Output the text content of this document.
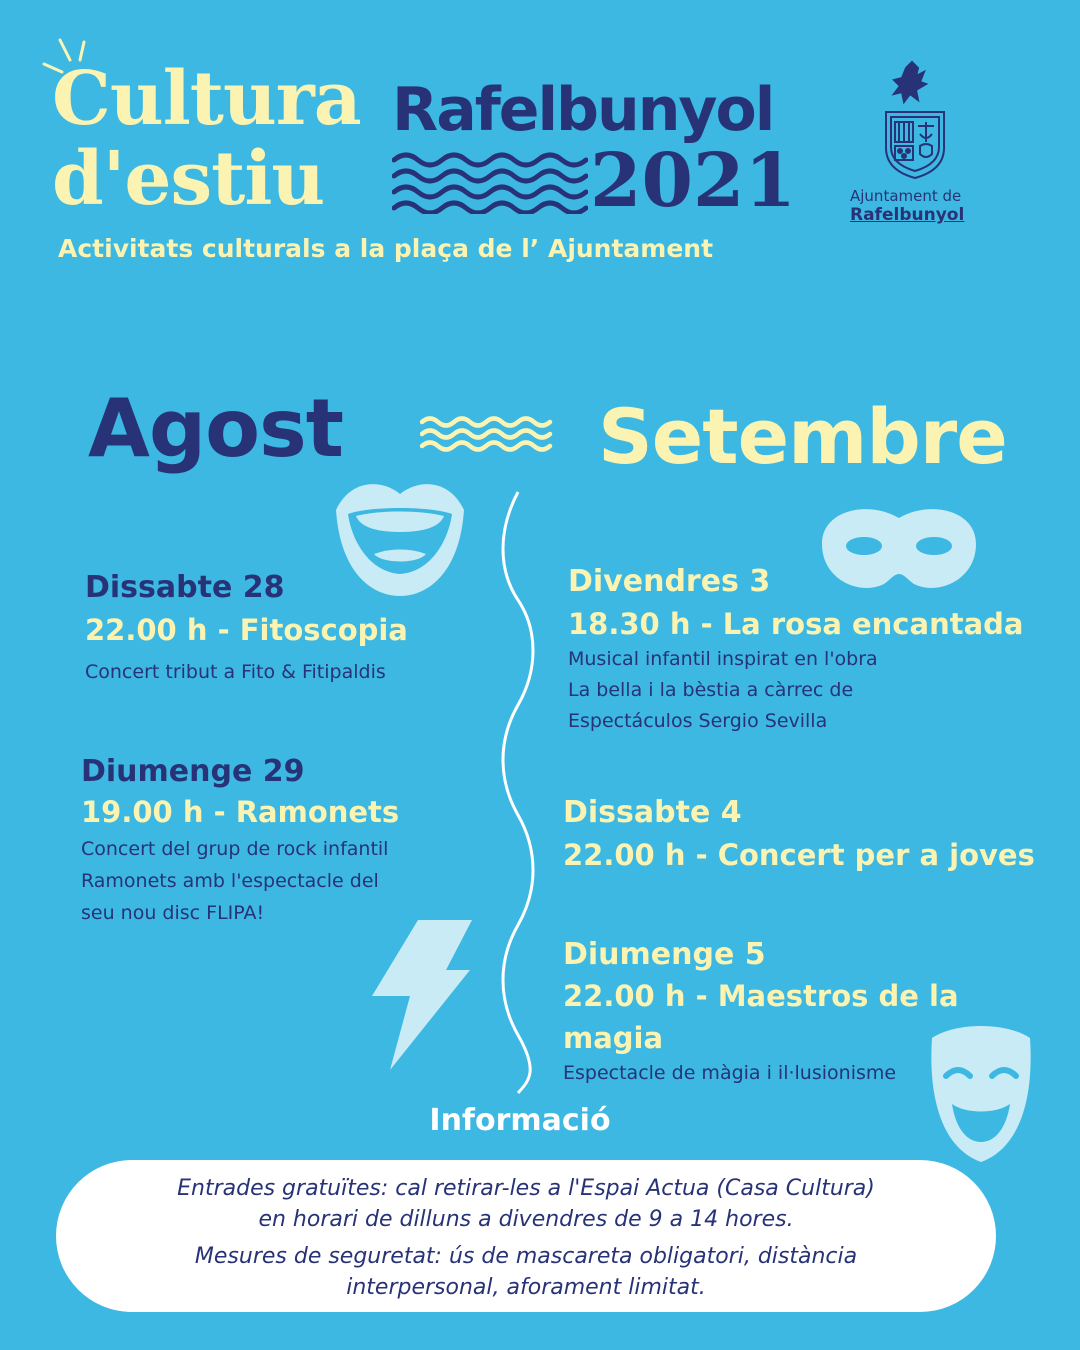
Cultura
d'estiu
Rafelbunyol
2021
Activitats culturals a la plaça de l’ Ajuntament
Ajuntament de
Rafelbunyol
Agost	Setembre
Dissabte 28
22.00 h - Fitoscopia
Concert tribut a Fito & Fitipaldis
Diumenge 29
19.00 h - Ramonets
Concert del grup de rock infantil
Ramonets amb l'espectacle del
seu nou disc FLIPA!
Divendres 3
18.30 h - La rosa encantada
Musical infantil inspirat en l'obra
La bella i la bèstia a càrrec de
Espectáculos Sergio Sevilla
Dissabte 4
22.00 h - Concert per a joves
Diumenge 5
22.00 h - Maestros de la
magia
Espectacle de màgia i il·lusionisme
Informació

Entrades gratuïtes: cal retirar-les a l'Espai Actua (Casa Cultura)

en horari de dilluns a divendres de 9 a 14 hores.

Mesures de seguretat: ús de mascareta obligatori, distància

interpersonal, aforament limitat.
